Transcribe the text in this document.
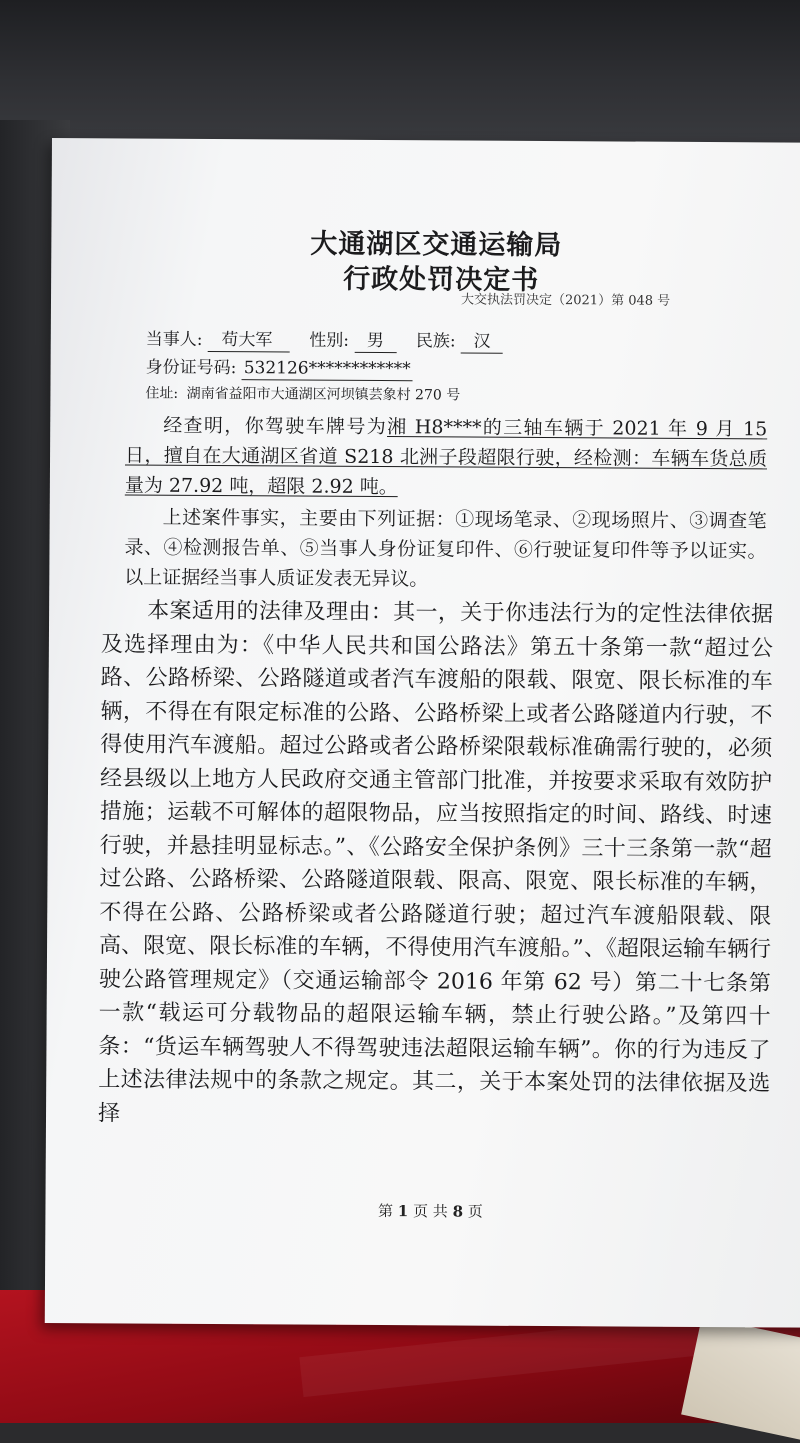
大通湖区交通运输局
行政处罚决定书
大交执法罚决定（2021）第 048 号
当事人: 苟大军 性别: 男 民族: 汉
身份证号码: 532126************
住址: 湖南省益阳市大通湖区河坝镇芸象村 270 号

经查明，你驾驶车牌号为湘 H8****的三轴车辆于 2021 年 9 月 15 日，擅自在大通湖区省道 S218 北洲子段超限行驶，经检测：车辆车货总质量为 27.92 吨，超限 2.92 吨。

上述案件事实，主要由下列证据：①现场笔录、②现场照片、③调查笔录、④检测报告单、⑤当事人身份证复印件、⑥行驶证复印件等予以证实。以上证据经当事人质证发表无异议。

本案适用的法律及理由：其一，关于你违法行为的定性法律依据及选择理由为：《中华人民共和国公路法》第五十条第一款“超过公路、公路桥梁、公路隧道或者汽车渡船的限载、限宽、限长标准的车辆，不得在有限定标准的公路、公路桥梁上或者公路隧道内行驶，不得使用汽车渡船。超过公路或者公路桥梁限载标准确需行驶的，必须经县级以上地方人民政府交通主管部门批准，并按要求采取有效防护措施；运载不可解体的超限物品，应当按照指定的时间、路线、时速行驶，并悬挂明显标志。”、《公路安全保护条例》三十三条第一款“超过公路、公路桥梁、公路隧道限载、限高、限宽、限长标准的车辆，不得在公路、公路桥梁或者公路隧道行驶；超过汽车渡船限载、限高、限宽、限长标准的车辆，不得使用汽车渡船。”、《超限运输车辆行驶公路管理规定》（交通运输部令 2016 年第 62 号）第二十七条第一款“载运可分载物品的超限运输车辆，禁止行驶公路。”及第四十条：“货运车辆驾驶人不得驾驶违法超限运输车辆”。你的行为违反了上述法律法规中的条款之规定。其二，关于本案处罚的法律依据及选择

第 1 页 共 8 页
